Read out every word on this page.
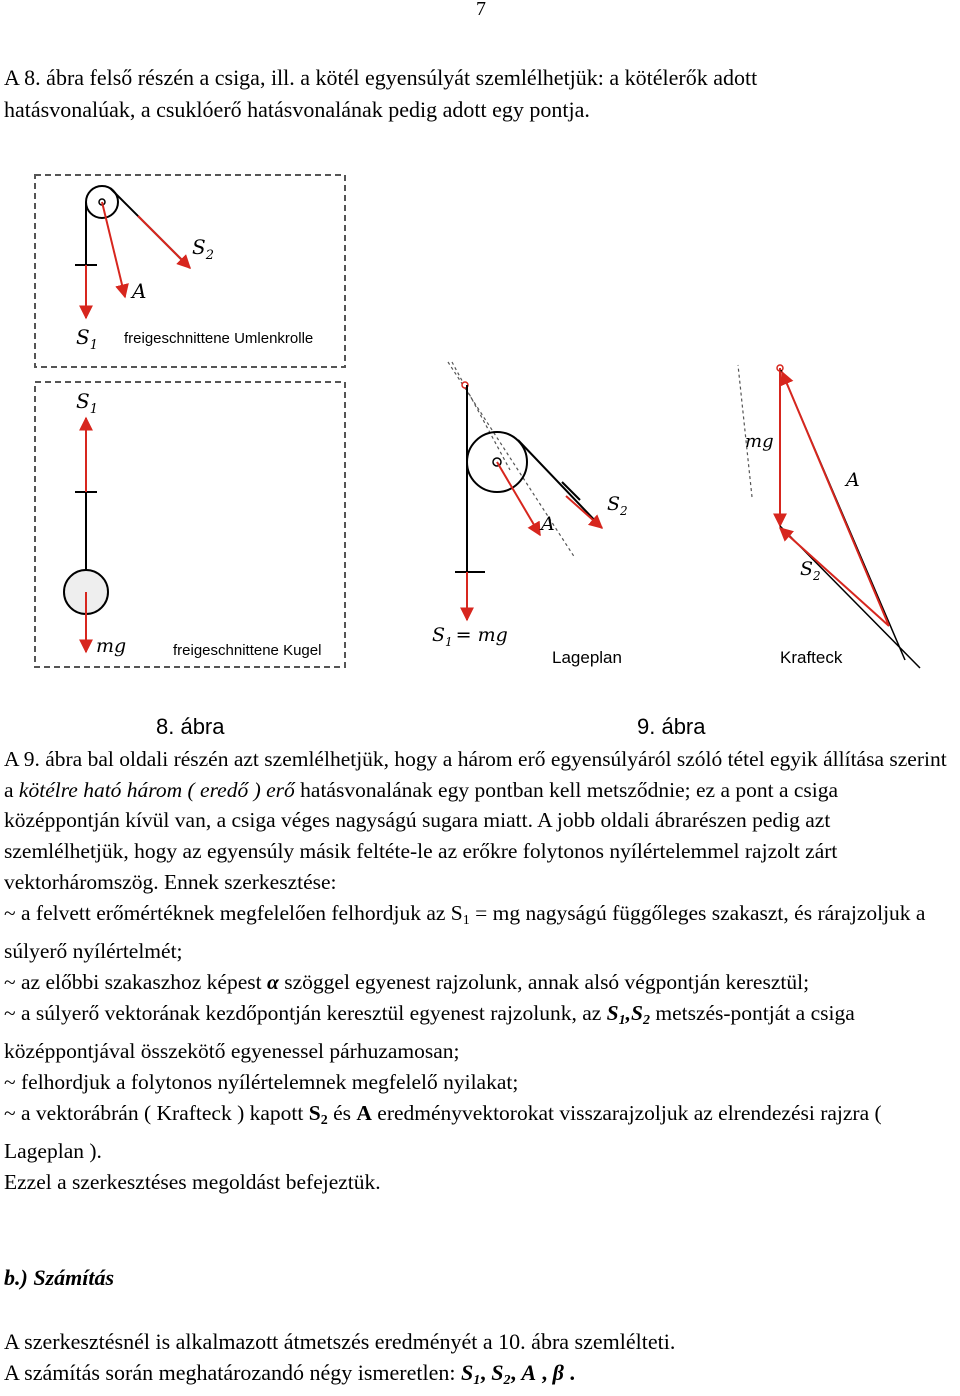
7
A 8. ábra felső részén a csiga, ill. a kötél egyensúlyát szemlélhetjük: a kötélerők adott
hatásvonalúak, a csuklóerő hatásvonalának pedig adott egy pontja.
$S_2$
A
$S_1$ freigeschnittene Umlenkrolle
$S_1$
mg	freigeschnittene Kugel
$S_2$
A
$S_1$ = mg
Lageplan
mg
A
$S_2$
Krafteck
8. ábra	9. ábra

A 9. ábra bal oldali részén azt szemlélhetjük, hogy a három erő egyensúlyáról szóló tétel egyik állítása szerint a kötélre ható három ( eredő ) erő hatásvonalának egy pontban kell metsződnie; ez a pont a csiga középpontján kívül van, a csiga véges nagyságú sugara miatt. A jobb oldali ábrarészen pedig azt szemlélhetjük, hogy az egyensúly másik feltéte-le az erőkre folytonos nyílértelemmel rajzolt zárt vektorháromszög. Ennek szerkesztése:

~ a felvett erőmértéknek megfelelően felhordjuk az $S_1$ = mg nagyságú függőleges szakaszt, és rárajzoljuk a súlyerő nyílértelmét;

~ az előbbi szakaszhoz képest α szöggel egyenest rajzolunk, annak alsó végpontján keresztül;

~ a súlyerő vektorának kezdőpontján keresztül egyenest rajzolunk, az $S_1,S_2$ metszés-pontját a csiga középpontjával összekötő egyenessel párhuzamosan;

~ felhordjuk a folytonos nyílértelemnek megfelelő nyilakat;

~ a vektorábrán ( Krafteck ) kapott $S_2$ és A eredményvektorokat visszarajzoljuk az elrendezési rajzra ( Lageplan ).

Ezzel a szerkesztéses megoldást befejeztük.

b.) Számítás

A szerkesztésnél is alkalmazott átmetszés eredményét a 10. ábra szemlélteti.

A számítás során meghatározandó négy ismeretlen: $S_1$, $S_2$, A , β .
